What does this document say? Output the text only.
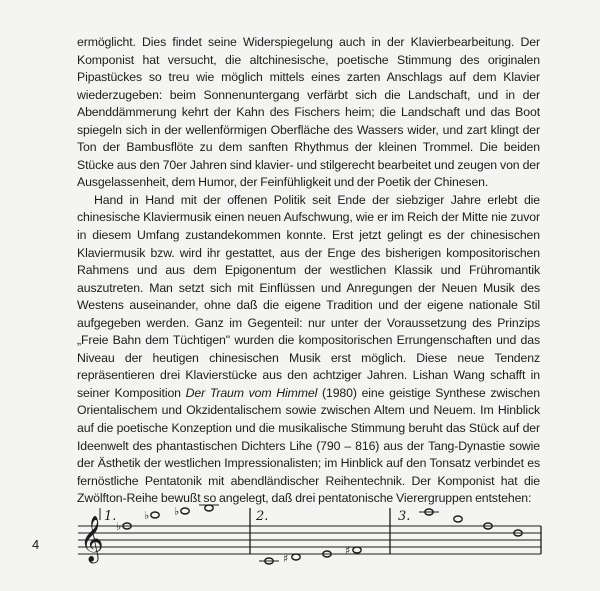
ermöglicht. Dies findet seine Widerspiegelung auch in der Klavierbearbeitung. Der Komponist hat versucht, die altchinesische, poetische Stimmung des originalen Pipastückes so treu wie möglich mittels eines zarten Anschlags auf dem Klavier wiederzugeben: beim Sonnenuntergang verfärbt sich die Landschaft, und in der Abenddämmerung kehrt der Kahn des Fischers heim; die Landschaft und das Boot spiegeln sich in der wellenförmigen Oberfläche des Wassers wider, und zart klingt der Ton der Bambusflöte zu dem sanften Rhythmus der kleinen Trommel. Die beiden Stücke aus den 70er Jahren sind klavier- und stilgerecht bearbeitet und zeugen von der Ausgelassenheit, dem Humor, der Feinfühligkeit und der Poetik der Chinesen.

Hand in Hand mit der offenen Politik seit Ende der siebziger Jahre erlebt die chinesische Klaviermusik einen neuen Aufschwung, wie er im Reich der Mitte nie zuvor in diesem Umfang zustandekommen konnte. Erst jetzt gelingt es der chinesischen Klaviermusik bzw. wird ihr gestattet, aus der Enge des bisherigen kompositorischen Rahmens und aus dem Epigonentum der westlichen Klassik und Frühromantik auszutreten. Man setzt sich mit Einflüssen und Anregungen der Neuen Musik des Westens auseinander, ohne daß die eigene Tradition und der eigene nationale Stil aufgegeben werden. Ganz im Gegenteil: nur unter der Voraussetzung des Prinzips „Freie Bahn dem Tüchtigen" wurden die kompositorischen Errungenschaften und das Niveau der heutigen chinesischen Musik erst möglich. Diese neue Tendenz repräsentieren drei Klavierstücke aus den achtziger Jahren. Lishan Wang schafft in seiner Komposition Der Traum vom Himmel (1980) eine geistige Synthese zwischen Orientalischem und Okzidentalischem sowie zwischen Altem und Neuem. Im Hinblick auf die poetische Konzeption und die musikalische Stimmung beruht das Stück auf der Ideenwelt des phantastischen Dichters Lihe (790 – 816) aus der Tang-Dynastie sowie der Ästhetik der westlichen Impressionalisten; im Hinblick auf den Tonsatz verbindet es fernöstliche Pentatonik mit abendländischer Reihentechnik. Der Komponist hat die Zwölfton-Reihe bewußt so angelegt, daß drei pentatonische Vierergruppen entstehen:

𝄞 1.	2.	3.
♭
♭ ♭
♯
♯
4
